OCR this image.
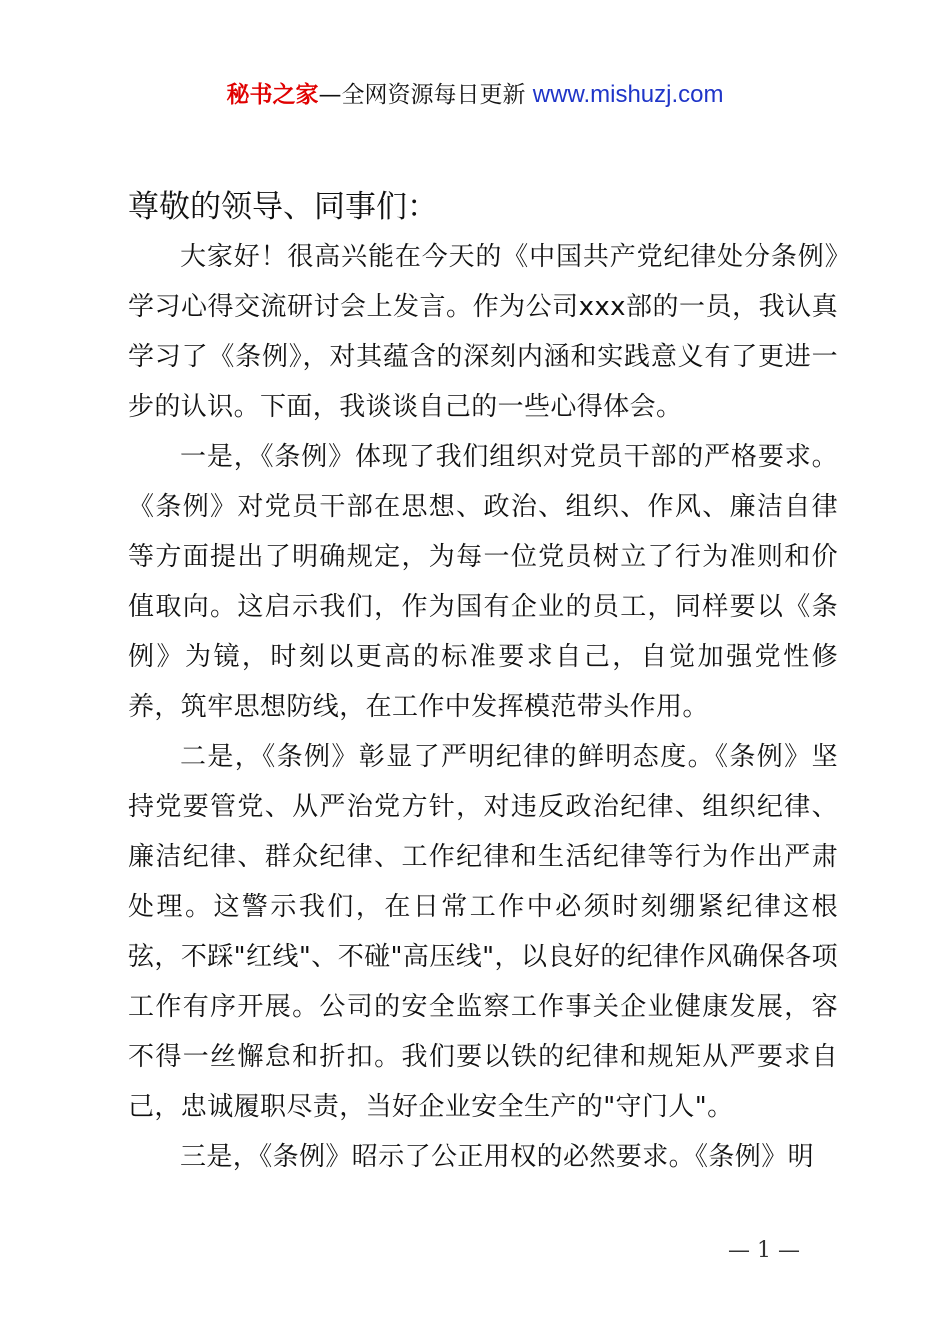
秘书之家—全网资源每日更新 www.mishuzj.com
尊敬的领导、同事们：

大家好！很高兴能在今天的《中国共产党纪律处分条例》学习心得交流研讨会上发言。作为公司xxx部的一员，我认真学习了《条例》，对其蕴含的深刻内涵和实践意义有了更进一步的认识。下面，我谈谈自己的一些心得体会。

一是，《条例》体现了我们组织对党员干部的严格要求。《条例》对党员干部在思想、政治、组织、作风、廉洁自律等方面提出了明确规定，为每一位党员树立了行为准则和价值取向。这启示我们，作为国有企业的员工，同样要以《条例》为镜，时刻以更高的标准要求自己，自觉加强党性修养，筑牢思想防线，在工作中发挥模范带头作用。

二是，《条例》彰显了严明纪律的鲜明态度。《条例》坚持党要管党、从严治党方针，对违反政治纪律、组织纪律、廉洁纪律、群众纪律、工作纪律和生活纪律等行为作出严肃处理。这警示我们，在日常工作中必须时刻绷紧纪律这根弦，不踩"红线"、不碰"高压线"，以良好的纪律作风确保各项工作有序开展。公司的安全监察工作事关企业健康发展，容不得一丝懈怠和折扣。我们要以铁的纪律和规矩从严要求自己，忠诚履职尽责，当好企业安全生产的"守门人"。

三是，《条例》昭示了公正用权的必然要求。《条例》明

— 1 —
